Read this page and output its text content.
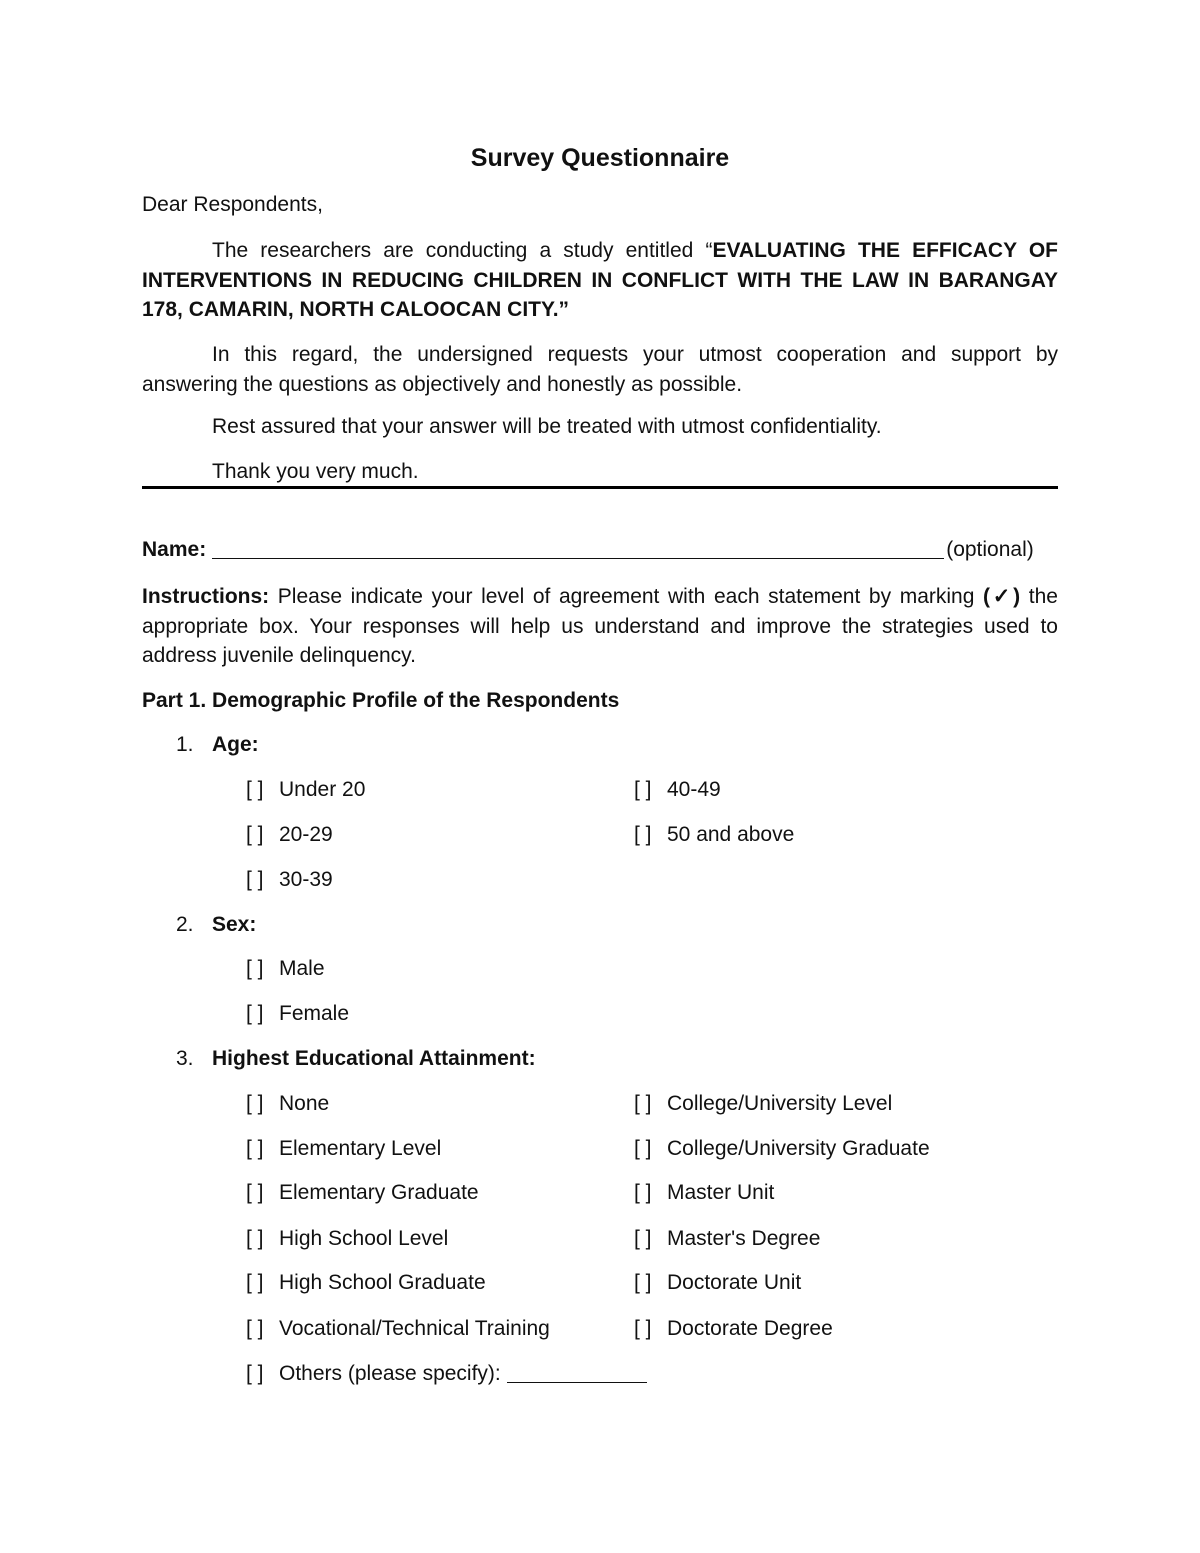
Survey Questionnaire
Dear Respondents,
The researchers are conducting a study entitled “EVALUATING THE EFFICACY OF INTERVENTIONS IN REDUCING CHILDREN IN CONFLICT WITH THE LAW IN BARANGAY 178, CAMARIN, NORTH CALOOCAN CITY.”
In this regard, the undersigned requests your utmost cooperation and support by answering the questions as objectively and honestly as possible.
Rest assured that your answer will be treated with utmost confidentiality.
Thank you very much.
Name:	(optional)
Instructions: Please indicate your level of agreement with each statement by marking (✓) the appropriate box. Your responses will help us understand and improve the strategies used to address juvenile delinquency.
Part 1. Demographic Profile of the Respondents
1. Age:
[ ] Under 20
[ ] 20-29
[ ] 30-39
[ ] 40-49
[ ] 50 and above
2. Sex:
[ ] Male
[ ] Female
3. Highest Educational Attainment:
[ ] None
[ ] Elementary Level
[ ] Elementary Graduate
[ ] High School Level
[ ] High School Graduate
[ ] Vocational/Technical Training
[ ] Others (please specify):
[ ] College/University Level
[ ] College/University Graduate
[ ] Master Unit
[ ] Master's Degree
[ ] Doctorate Unit
[ ] Doctorate Degree
